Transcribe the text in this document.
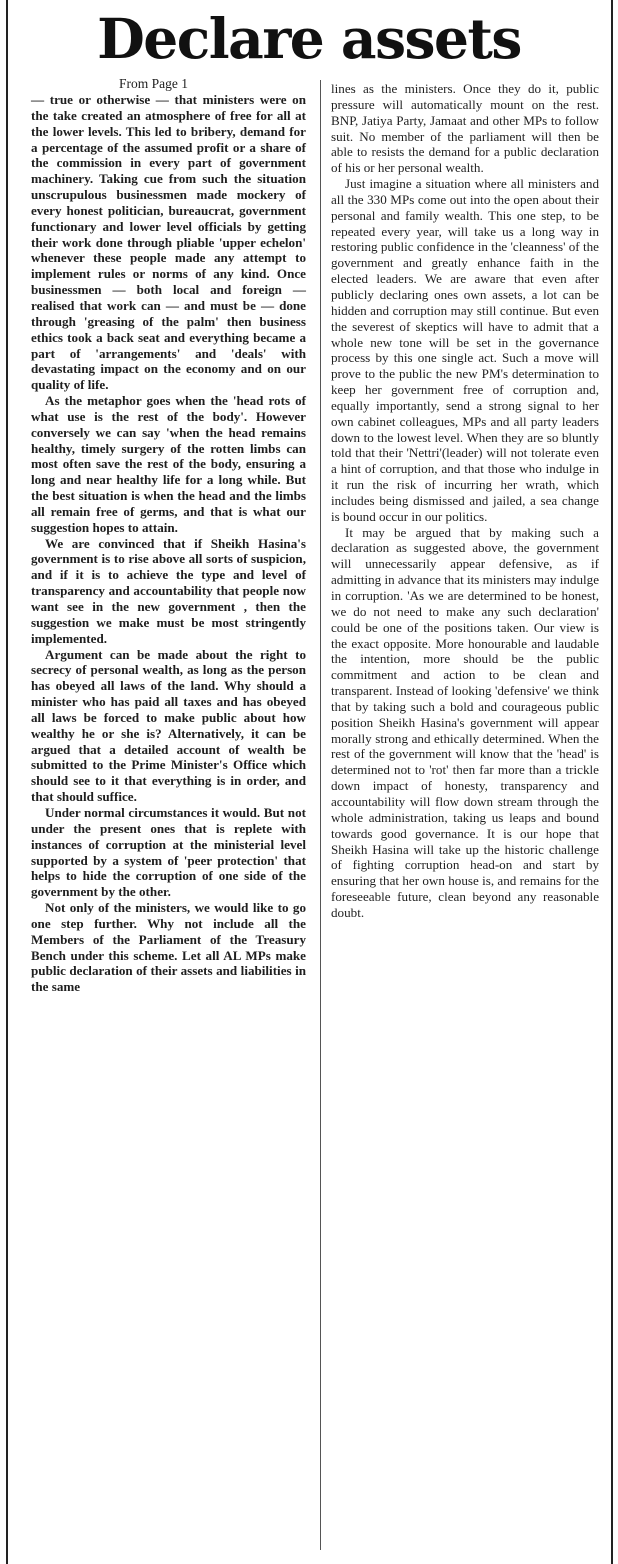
Declare assets
From Page 1

— true or otherwise — that ministers were on the take created an atmosphere of free for all at the lower levels. This led to bribery, demand for a percentage of the assumed profit or a share of the commission in every part of government machinery. Taking cue from such the situation unscrupulous businessmen made mockery of every honest politician, bureaucrat, government functionary and lower level officials by getting their work done through pliable 'upper echelon' whenever these people made any attempt to implement rules or norms of any kind. Once businessmen — both local and foreign — realised that work can — and must be — done through 'greasing of the palm' then business ethics took a back seat and everything became a part of 'arrangements' and 'deals' with devastating impact on the economy and on our quality of life.

As the metaphor goes when the 'head rots of what use is the rest of the body'. However conversely we can say 'when the head remains healthy, timely surgery of the rotten limbs can most often save the rest of the body, ensuring a long and near healthy life for a long while. But the best situation is when the head and the limbs all remain free of germs, and that is what our suggestion hopes to attain.

We are convinced that if Sheikh Hasina's government is to rise above all sorts of suspicion, and if it is to achieve the type and level of transparency and accountability that people now want see in the new government , then the suggestion we make must be most stringently implemented.

Argument can be made about the right to secrecy of personal wealth, as long as the person has obeyed all laws of the land. Why should a minister who has paid all taxes and has obeyed all laws be forced to make public about how wealthy he or she is? Alternatively, it can be argued that a detailed account of wealth be submitted to the Prime Minister's Office which should see to it that everything is in order, and that should suffice.

Under normal circumstances it would. But not under the present ones that is replete with instances of corruption at the ministerial level supported by a system of 'peer protection' that helps to hide the corruption of one side of the government by the other.

Not only of the ministers, we would like to go one step further. Why not include all the Members of the Parliament of the Treasury Bench under this scheme. Let all AL MPs make public declaration of their assets and liabilities in the same

lines as the ministers. Once they do it, public pressure will automatically mount on the rest. BNP, Jatiya Party, Jamaat and other MPs to follow suit. No member of the parliament will then be able to resists the demand for a public declaration of his or her personal wealth.

Just imagine a situation where all ministers and all the 330 MPs come out into the open about their personal and family wealth. This one step, to be repeated every year, will take us a long way in restoring public confidence in the 'cleanness' of the government and greatly enhance faith in the elected leaders. We are aware that even after publicly declaring ones own assets, a lot can be hidden and corruption may still continue. But even the severest of skeptics will have to admit that a whole new tone will be set in the governance process by this one single act. Such a move will prove to the public the new PM's determination to keep her government free of corruption and, equally importantly, send a strong signal to her own cabinet colleagues, MPs and all party leaders down to the lowest level. When they are so bluntly told that their 'Nettri'(leader) will not tolerate even a hint of corruption, and that those who indulge in it run the risk of incurring her wrath, which includes being dismissed and jailed, a sea change is bound occur in our politics.

It may be argued that by making such a declaration as suggested above, the government will unnecessarily appear defensive, as if admitting in advance that its ministers may indulge in corruption. 'As we are determined to be honest, we do not need to make any such declaration' could be one of the positions taken. Our view is the exact opposite. More honourable and laudable the intention, more should be the public commitment and action to be clean and transparent. Instead of looking 'defensive' we think that by taking such a bold and courageous public position Sheikh Hasina's government will appear morally strong and ethically determined. When the rest of the government will know that the 'head' is determined not to 'rot' then far more than a trickle down impact of honesty, transparency and accountability will flow down stream through the whole administration, taking us leaps and bound towards good governance. It is our hope that Sheikh Hasina will take up the historic challenge of fighting corruption head-on and start by ensuring that her own house is, and remains for the foreseeable future, clean beyond any reasonable doubt.
